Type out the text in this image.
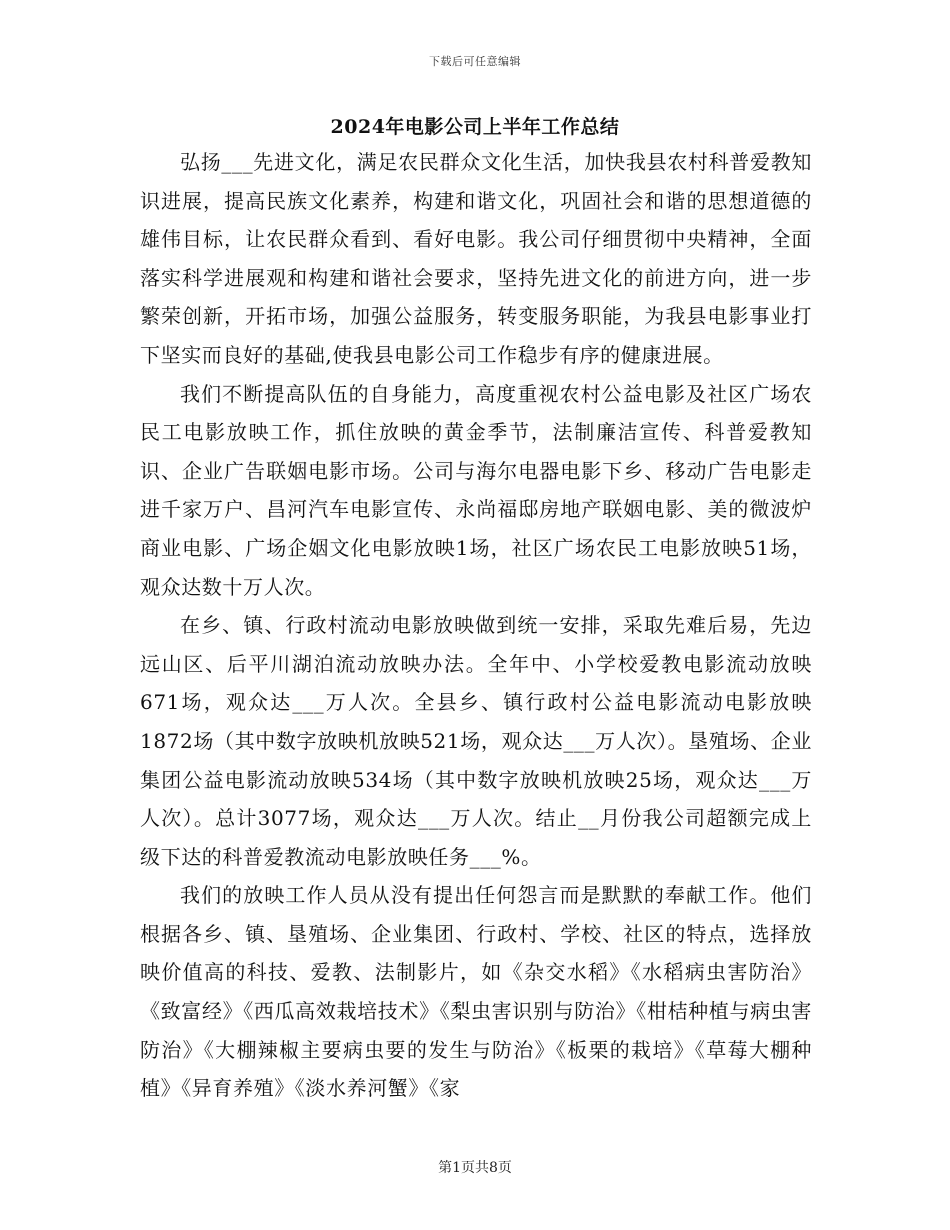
下载后可任意编辑
2024年电影公司上半年工作总结

弘扬___先进文化，满足农民群众文化生活，加快我县农村科普爱教知识进展，提高民族文化素养，构建和谐文化，巩固社会和谐的思想道德的雄伟目标，让农民群众看到、看好电影。我公司仔细贯彻中央精神，全面落实科学进展观和构建和谐社会要求，坚持先进文化的前进方向，进一步繁荣创新，开拓市场，加强公益服务，转变服务职能，为我县电影事业打下坚实而良好的基础,使我县电影公司工作稳步有序的健康进展。

我们不断提高队伍的自身能力，高度重视农村公益电影及社区广场农民工电影放映工作，抓住放映的黄金季节，法制廉洁宣传、科普爱教知识、企业广告联姻电影市场。公司与海尔电器电影下乡、移动广告电影走进千家万户、昌河汽车电影宣传、永尚福邸房地产联姻电影、美的微波炉商业电影、广场企姻文化电影放映1场，社区广场农民工电影放映51场，观众达数十万人次。

在乡、镇、行政村流动电影放映做到统一安排，采取先难后易，先边远山区、后平川湖泊流动放映办法。全年中、小学校爱教电影流动放映671场，观众达___万人次。全县乡、镇行政村公益电影流动电影放映1872场（其中数字放映机放映521场，观众达___万人次）。垦殖场、企业集团公益电影流动放映534场（其中数字放映机放映25场，观众达___万人次）。总计3077场，观众达___万人次。结止__月份我公司超额完成上级下达的科普爱教流动电影放映任务___%。

我们的放映工作人员从没有提出任何怨言而是默默的奉献工作。他们根据各乡、镇、垦殖场、企业集团、行政村、学校、社区的特点，选择放映价值高的科技、爱教、法制影片，如《杂交水稻》《水稻病虫害防治》《致富经》《西瓜高效栽培技术》《梨虫害识别与防治》《柑桔种植与病虫害防治》《大棚辣椒主要病虫要的发生与防治》《板栗的栽培》《草莓大棚种植》《异育养殖》《淡水养河蟹》《家

第1页共8页
